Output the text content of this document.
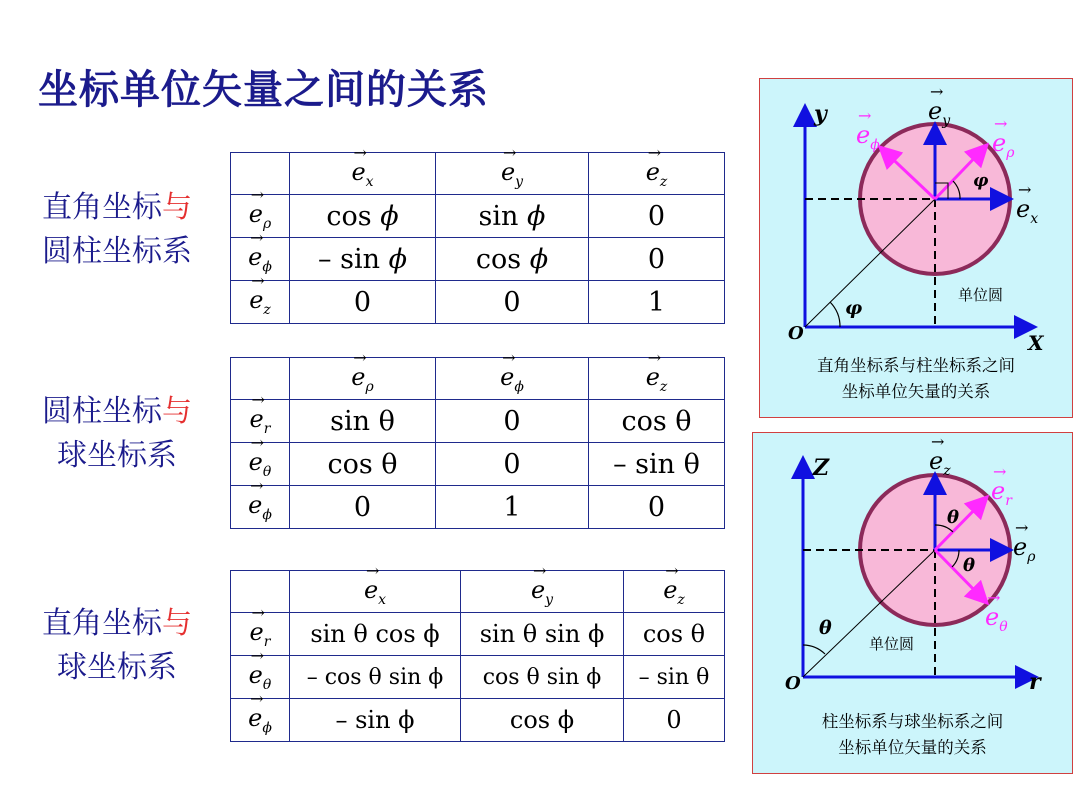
坐标单位矢量之间的关系
直角坐标与
圆柱坐标系
	e
→
$_x$	e
→
$_y$	e
→
$_z$
e
→
$_\rho$	cos ϕ	sin ϕ	0
e
→
$_\phi$	– sin ϕ	cos ϕ	0
e
→
$_z$	0	0	1
圆柱坐标与
球坐标系
	e
→
$_\rho$	e
→
$_\phi$	e
→
$_z$
e
→
$_r$	sin θ	0	cos θ
e
→
$_\theta$	cos θ	0	– sin θ
e
→
$_\phi$	0	1	0
直角坐标与
球坐标系
	e
→
$_x$	e
→
$_y$	e
→
$_z$
e
→
$_r$	sin θ cos ϕ	sin θ sin ϕ	cos θ
e
→
$_\theta$	– cos θ sin ϕ	cos θ sin ϕ	– sin θ
e
→
$_\phi$	– sin ϕ	cos ϕ	0
y
X
O
φ
φ
e
→
$_y$
e
→
$_x$
e
→
$_\rho$
e
→
$_\phi$
单位圆
直角坐标系与柱坐标系之间
坐标单位矢量的关系
Z
r
O
θ
θ
θ
e
→
$_z$
e
→
$_\rho$
e
→
$_r$
e
→
$_\theta$
单位圆
柱坐标系与球坐标系之间
坐标单位矢量的关系
